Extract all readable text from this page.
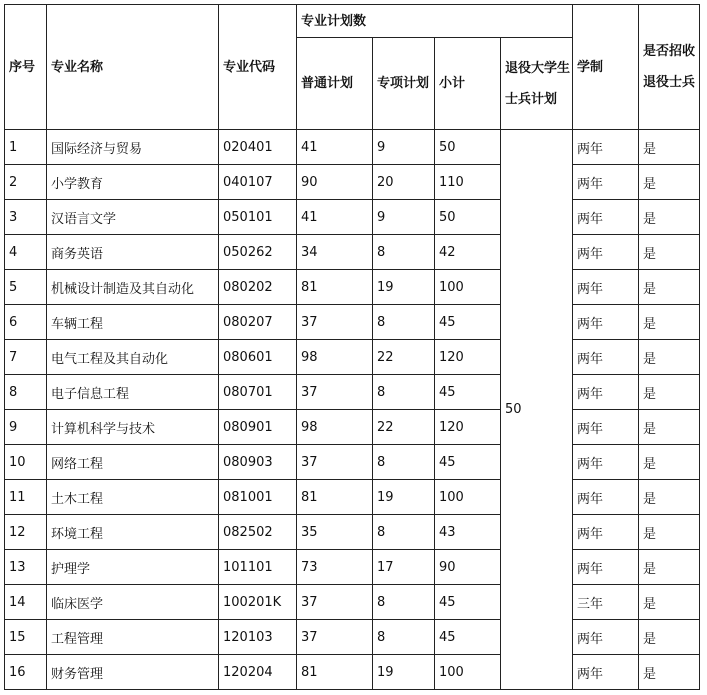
序号	专业名称	专业代码	专业计划数				学制	是否招收退役士兵
			普通计划	专项计划	小计	退役大学生士兵计划		
1	国际经济与贸易	020401	41	9	50	50	两年	是
2	小学教育	040107	90	20	110		两年	是
3	汉语言文学	050101	41	9	50		两年	是
4	商务英语	050262	34	8	42		两年	是
5	机械设计制造及其自动化	080202	81	19	100		两年	是
6	车辆工程	080207	37	8	45		两年	是
7	电气工程及其自动化	080601	98	22	120		两年	是
8	电子信息工程	080701	37	8	45		两年	是
9	计算机科学与技术	080901	98	22	120		两年	是
10	网络工程	080903	37	8	45		两年	是
11	土木工程	081001	81	19	100		两年	是
12	环境工程	082502	35	8	43		两年	是
13	护理学	101101	73	17	90		两年	是
14	临床医学	100201K	37	8	45		三年	是
15	工程管理	120103	37	8	45		两年	是
16	财务管理	120204	81	19	100		两年	是
